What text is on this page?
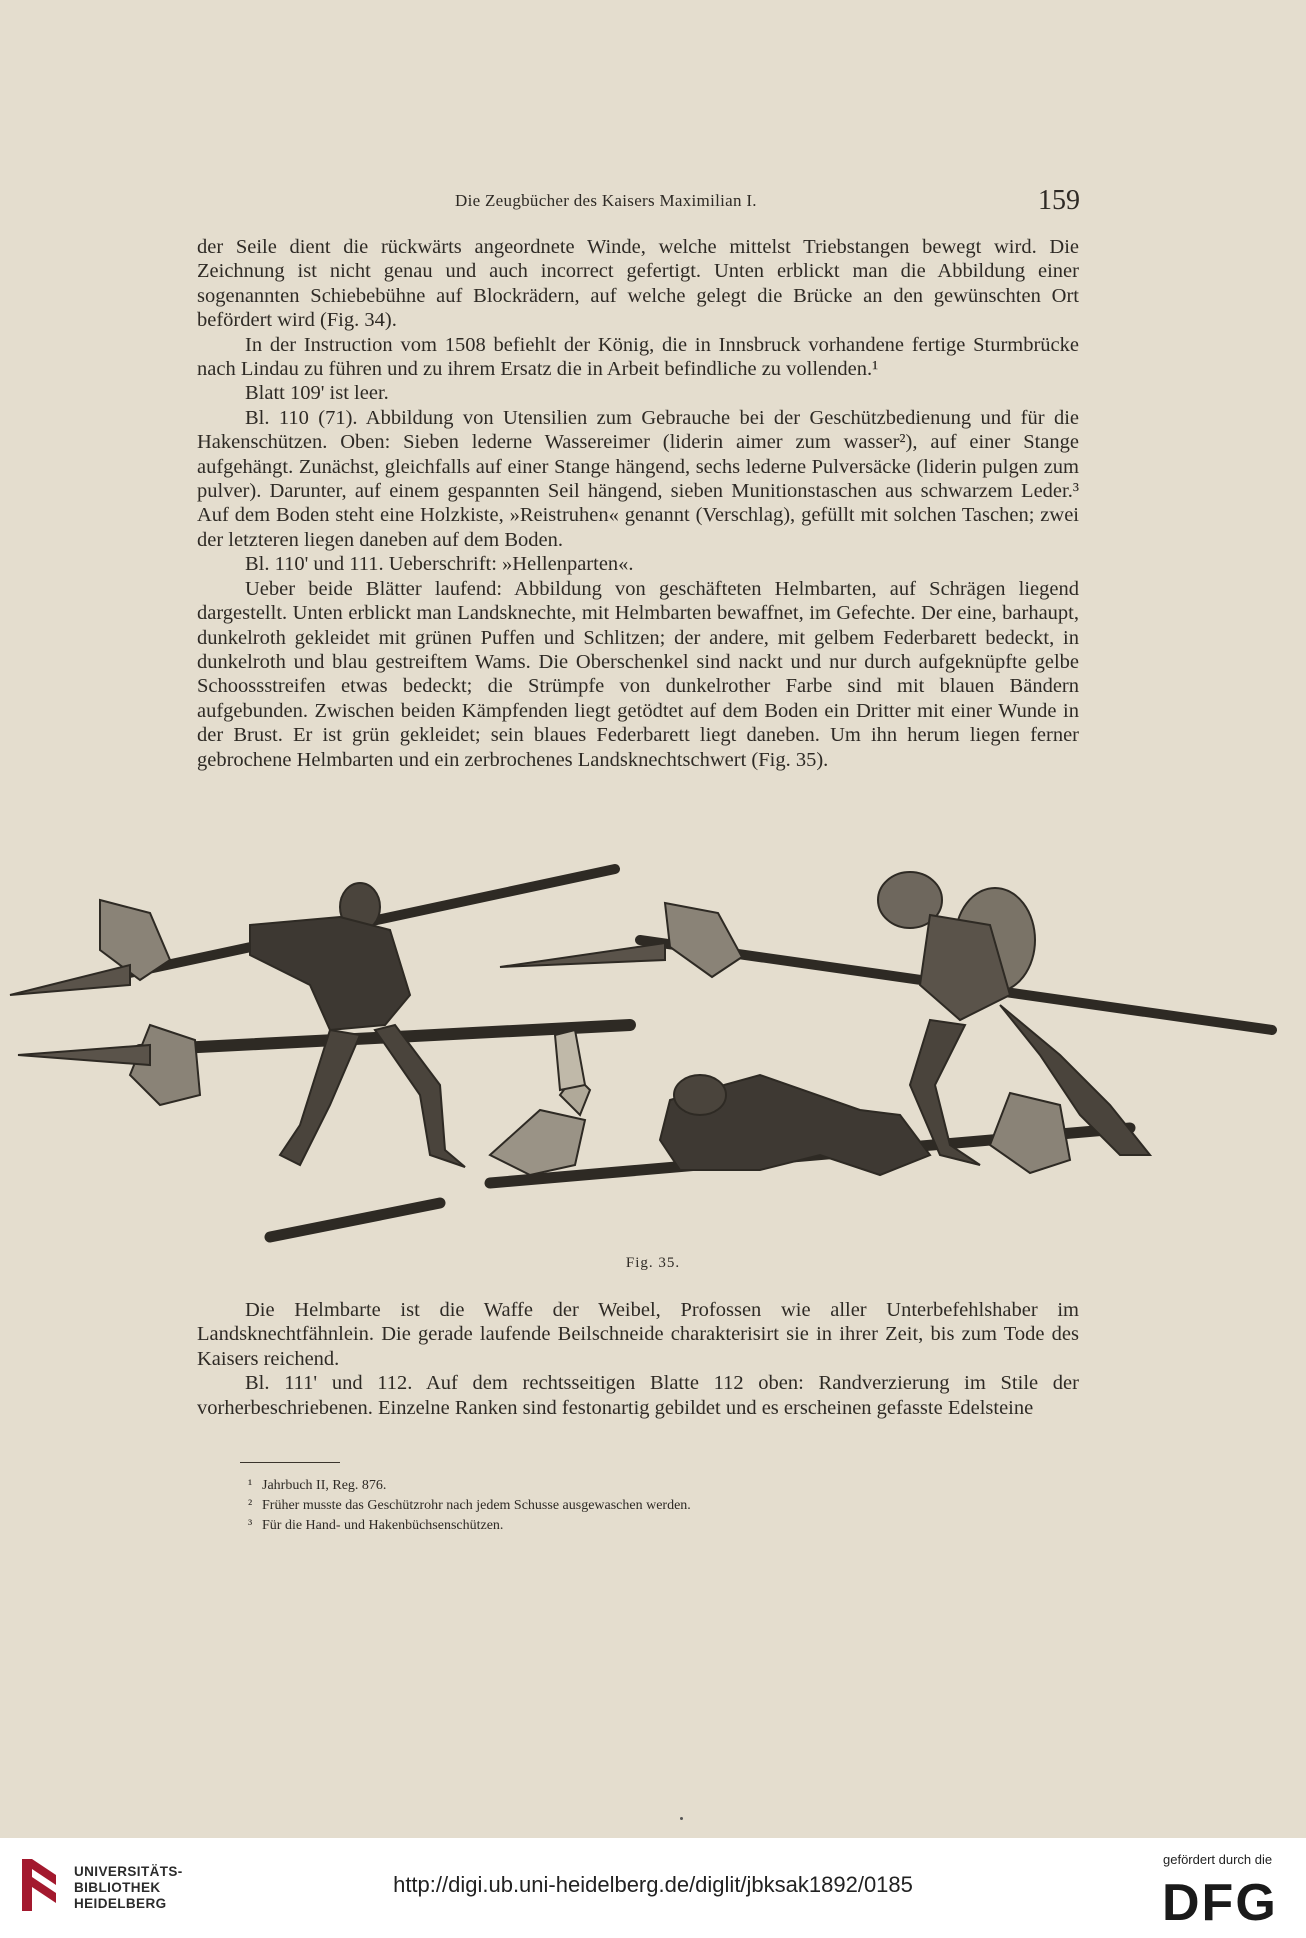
Die Zeugbücher des Kaisers Maximilian I.	159

der Seile dient die rückwärts angeordnete Winde, welche mittelst Triebstangen bewegt wird. Die Zeichnung ist nicht genau und auch incorrect gefertigt. Unten erblickt man die Abbildung einer sogenannten Schiebebühne auf Blockrädern, auf welche gelegt die Brücke an den gewünschten Ort befördert wird (Fig. 34).

In der Instruction vom 1508 befiehlt der König, die in Innsbruck vorhandene fertige Sturmbrücke nach Lindau zu führen und zu ihrem Ersatz die in Arbeit befindliche zu vollenden.¹

Blatt 109' ist leer.

Bl. 110 (71). Abbildung von Utensilien zum Gebrauche bei der Geschützbedienung und für die Hakenschützen. Oben: Sieben lederne Wassereimer (liderin aimer zum wasser²), auf einer Stange aufgehängt. Zunächst, gleichfalls auf einer Stange hängend, sechs lederne Pulversäcke (liderin pulgen zum pulver). Darunter, auf einem gespannten Seil hängend, sieben Munitionstaschen aus schwarzem Leder.³ Auf dem Boden steht eine Holzkiste, »Reistruhen« genannt (Verschlag), gefüllt mit solchen Taschen; zwei der letzteren liegen daneben auf dem Boden.

Bl. 110' und 111. Ueberschrift: »Hellenparten«.

Ueber beide Blätter laufend: Abbildung von geschäfteten Helmbarten, auf Schrägen liegend dargestellt. Unten erblickt man Landsknechte, mit Helmbarten bewaffnet, im Gefechte. Der eine, barhaupt, dunkelroth gekleidet mit grünen Puffen und Schlitzen; der andere, mit gelbem Federbarett bedeckt, in dunkelroth und blau gestreiftem Wams. Die Oberschenkel sind nackt und nur durch aufgeknüpfte gelbe Schoossstreifen etwas bedeckt; die Strümpfe von dunkelrother Farbe sind mit blauen Bändern aufgebunden. Zwischen beiden Kämpfenden liegt getödtet auf dem Boden ein Dritter mit einer Wunde in der Brust. Er ist grün gekleidet; sein blaues Federbarett liegt daneben. Um ihn herum liegen ferner gebrochene Helmbarten und ein zerbrochenes Landsknechtschwert (Fig. 35).

Fig. 35.

Die Helmbarte ist die Waffe der Weibel, Profossen wie aller Unterbefehlshaber im Landsknechtfähnlein. Die gerade laufende Beilschneide charakterisirt sie in ihrer Zeit, bis zum Tode des Kaisers reichend.

Bl. 111' und 112. Auf dem rechtsseitigen Blatte 112 oben: Randverzierung im Stile der vorherbeschriebenen. Einzelne Ranken sind festonartig gebildet und es erscheinen gefasste Edelsteine

¹ Jahrbuch II, Reg. 876.
² Früher musste das Geschützrohr nach jedem Schusse ausgewaschen werden.
³ Für die Hand- und Hakenbüchsenschützen.
UNIVERSITÄTS-
BIBLIOTHEK
HEIDELBERG
http://digi.ub.uni-heidelberg.de/diglit/jbksak1892/0185
gefördert durch die
DFG
